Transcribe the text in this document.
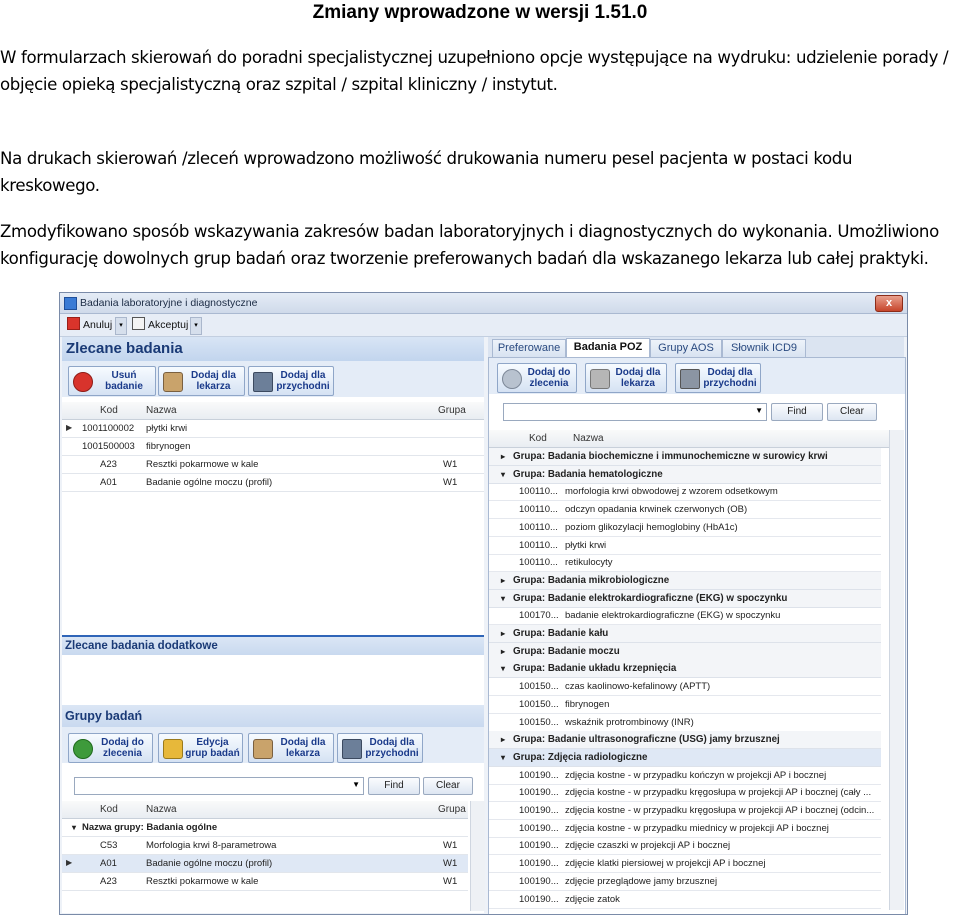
Zmiany wprowadzone w wersji 1.51.0

W formularzach skierowań do poradni specjalistycznej uzupełniono opcje występujące na wydruku: udzielenie porady /
objęcie opieką specjalistyczną oraz szpital / szpital kliniczny / instytut.

Na drukach skierowań /zleceń wprowadzono możliwość drukowania numeru pesel pacjenta w postaci kodu
kreskowego.

Zmodyfikowano sposób wskazywania zakresów badan laboratoryjnych i diagnostycznych do wykonania. Umożliwiono
konfigurację dowolnych grup badań oraz tworzenie preferowanych badań dla wskazanego lekarza lub całej praktyki.

Badania laboratoryjne i diagnostyczne	x
Anuluj	▾	Akceptuj ▾
Zlecane badania
Usuń badanie
Dodaj dla lekarza
Dodaj dla przychodni
Kod	Nazwa	Grupa
▶ 1001100002 płytki krwi
1001500003 fibrynogen
A23	Resztki pokarmowe w kale	W1
A01	Badanie ogólne moczu (profil)	W1
Zlecane badania dodatkowe
Grupy badań
Dodaj do zlecenia
Edycja grup badań
Dodaj dla lekarza
Dodaj dla przychodni
▼	Find	Clear
Kod	Nazwa	Grupa
▾ Nazwa grupy: Badania ogólne
C53	Morfologia krwi 8-parametrowa	W1
▶	A01	Badanie ogólne moczu (profil)	W1
A23	Resztki pokarmowe w kale	W1
Preferowane	Badania POZ	Grupy AOS	Słownik ICD9
Dodaj do zlecenia
Dodaj dla lekarza
Dodaj dla przychodni
▼	Find	Clear
Kod	Nazwa
▸ Grupa: Badania biochemiczne i immunochemiczne w surowicy krwi
▾ Grupa: Badania hematologiczne
100110... morfologia krwi obwodowej z wzorem odsetkowym
100110... odczyn opadania krwinek czerwonych (OB)
100110... poziom glikozylacji hemoglobiny (HbA1c)
100110... płytki krwi
100110... retikulocyty
▸ Grupa: Badania mikrobiologiczne
▾ Grupa: Badanie elektrokardiograficzne (EKG) w spoczynku
100170... badanie elektrokardiograficzne (EKG) w spoczynku
▸ Grupa: Badanie kału
▸ Grupa: Badanie moczu
▾ Grupa: Badanie układu krzepnięcia
100150... czas kaolinowo-kefalinowy (APTT)
100150... fibrynogen
100150... wskaźnik protrombinowy (INR)
▸ Grupa: Badanie ultrasonograficzne (USG) jamy brzusznej
▾ Grupa: Zdjęcia radiologiczne
100190... zdjęcia kostne - w przypadku kończyn w projekcji AP i bocznej
100190... zdjęcia kostne - w przypadku kręgosłupa w projekcji AP i bocznej (cały ...
100190... zdjęcia kostne - w przypadku kręgosłupa w projekcji AP i bocznej (odcin...
100190... zdjęcia kostne - w przypadku miednicy w projekcji AP i bocznej
100190... zdjęcie czaszki w projekcji AP i bocznej
100190... zdjęcie klatki piersiowej w projekcji AP i bocznej
100190... zdjęcie przeglądowe jamy brzusznej
100190... zdjęcie zatok
